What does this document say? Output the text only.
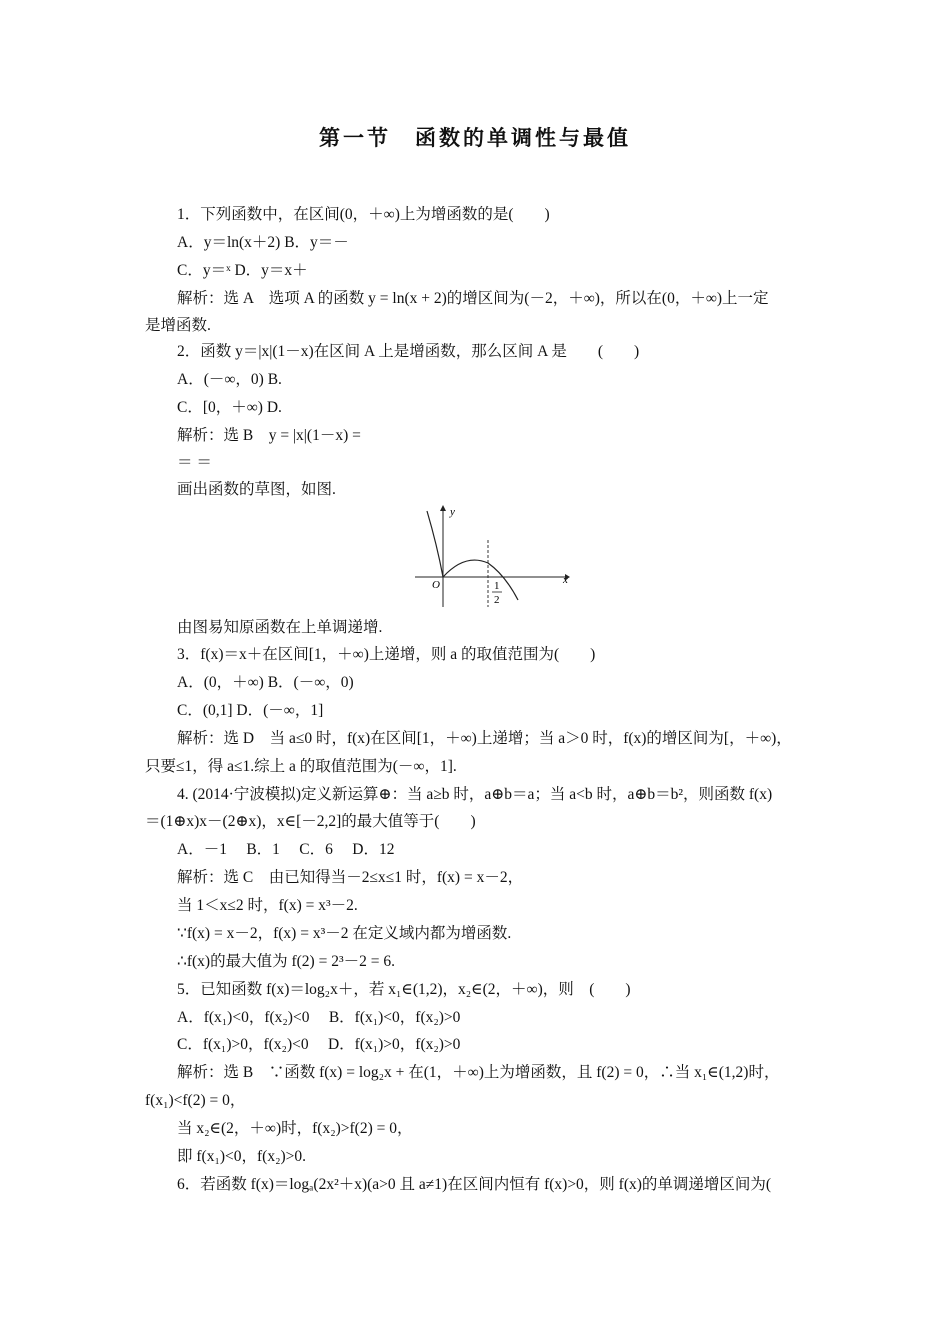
第一节　函数的单调性与最值
1．下列函数中，在区间(0，＋∞)上为增函数的是(　　)
A．y＝ln(x＋2) B．y＝－
C．y＝ˣ D．y＝x＋
解析：选 A　选项 A 的函数 y = ln(x + 2)的增区间为(－2，＋∞)，所以在(0，＋∞)上一定
是增函数.
2．函数 y＝|x|(1－x)在区间 A 上是增函数，那么区间 A 是　　(　　)
A．(－∞，0) B.
C．[0，＋∞) D.
解析：选 B　y = |x|(1－x) =
＝ ＝
画出函数的草图，如图.
y
x
O	1
2
由图易知原函数在上单调递增.
3．f(x)＝x＋在区间[1，＋∞)上递增，则 a 的取值范围为(　　)
A．(0，＋∞) B．(－∞，0)
C．(0,1] D．(－∞，1]
解析：选 D　当 a≤0 时，f(x)在区间[1，＋∞)上递增；当 a＞0 时，f(x)的增区间为[，＋∞)，
只要≤1，得 a≤1.综上 a 的取值范围为(－∞，1].
4. (2014·宁波模拟)定义新运算⊕：当 a≥b 时，a⊕b＝a；当 a<b 时，a⊕b＝b²，则函数 f(x)
＝(1⊕x)x－(2⊕x)，x∈[－2,2]的最大值等于(　　)
A．－1　 B．1　 C．6　 D．12
解析：选 C　由已知得当－2≤x≤1 时，f(x) = x－2，
当 1＜x≤2 时，f(x) = x³－2.
∵f(x) = x－2，f(x) = x³－2 在定义域内都为增函数.
∴f(x)的最大值为 f(2) = 2³－2 = 6.
5．已知函数 f(x)＝log₂x＋，若 x₁∈(1,2)，x₂∈(2，＋∞)，则　(　　)
A．f(x₁)<0，f(x₂)<0　 B．f(x₁)<0，f(x₂)>0
C．f(x₁)>0，f(x₂)<0　 D．f(x₁)>0，f(x₂)>0
解析：选 B　∵函数 f(x) = log₂x + 在(1，＋∞)上为增函数，且 f(2) = 0，∴当 x₁∈(1,2)时，
f(x₁)<f(2) = 0，
当 x₂∈(2，＋∞)时，f(x₂)>f(2) = 0，
即 f(x₁)<0，f(x₂)>0.
6．若函数 f(x)＝logₐ(2x²＋x)(a>0 且 a≠1)在区间内恒有 f(x)>0，则 f(x)的单调递增区间为(
